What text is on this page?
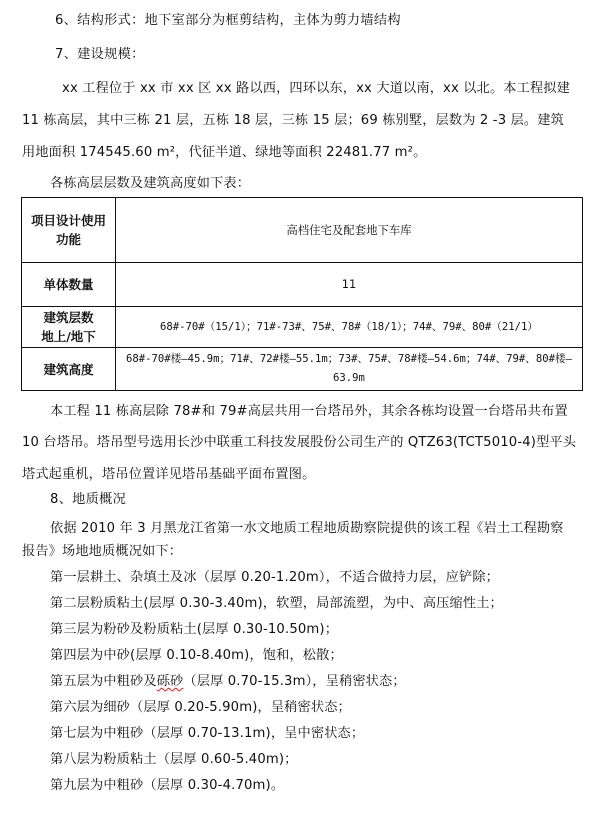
6、结构形式：地下室部分为框剪结构，主体为剪力墙结构
7、建设规模：
xx 工程位于 xx 市 xx 区 xx 路以西，四环以东，xx 大道以南，xx 以北。本工程拟建
11 栋高层，其中三栋 21 层，五栋 18 层，三栋 15 层；69 栋别墅，层数为 2 -3 层。建筑
用地面积 174545.60 m²，代征半道、绿地等面积 22481.77 m²。
各栋高层层数及建筑高度如下表：
项目设计使用
功能
高档住宅及配套地下车库
单体数量	11
建筑层数
地上/地下
68#-70#（15/1）；71#-73#、75#、78#（18/1）；74#、79#、80#（21/1）
建筑高度
68#-70#楼—45.9m；71#、72#楼—55.1m；73#、75#、78#楼—54.6m；74#、79#、80#楼—63.9m
本工程 11 栋高层除 78#和 79#高层共用一台塔吊外，其余各栋均设置一台塔吊共布置
10 台塔吊。塔吊型号选用长沙中联重工科技发展股份公司生产的 QTZ63(TCT5010-4)型平头
塔式起重机，塔吊位置详见塔吊基础平面布置图。
8、地质概况
依据 2010 年 3 月黑龙江省第一水文地质工程地质勘察院提供的该工程《岩土工程勘察
报告》场地地质概况如下：
第一层耕土、杂填土及冰（层厚 0.20-1.20m），不适合做持力层，应铲除；
第二层粉质粘土(层厚 0.30-3.40m)，软塑，局部流塑，为中、高压缩性土；
第三层为粉砂及粉质粘土(层厚 0.30-10.50m)；
第四层为中砂(层厚 0.10-8.40m)，饱和，松散；
第五层为中粗砂及砾砂（层厚 0.70-15.3m），呈稍密状态；
第六层为细砂（层厚 0.20-5.90m)，呈稍密状态；
第七层为中粗砂（层厚 0.70-13.1m)，呈中密状态；
第八层为粉质粘土（层厚 0.60-5.40m)；
第九层为中粗砂（层厚 0.30-4.70m)。
